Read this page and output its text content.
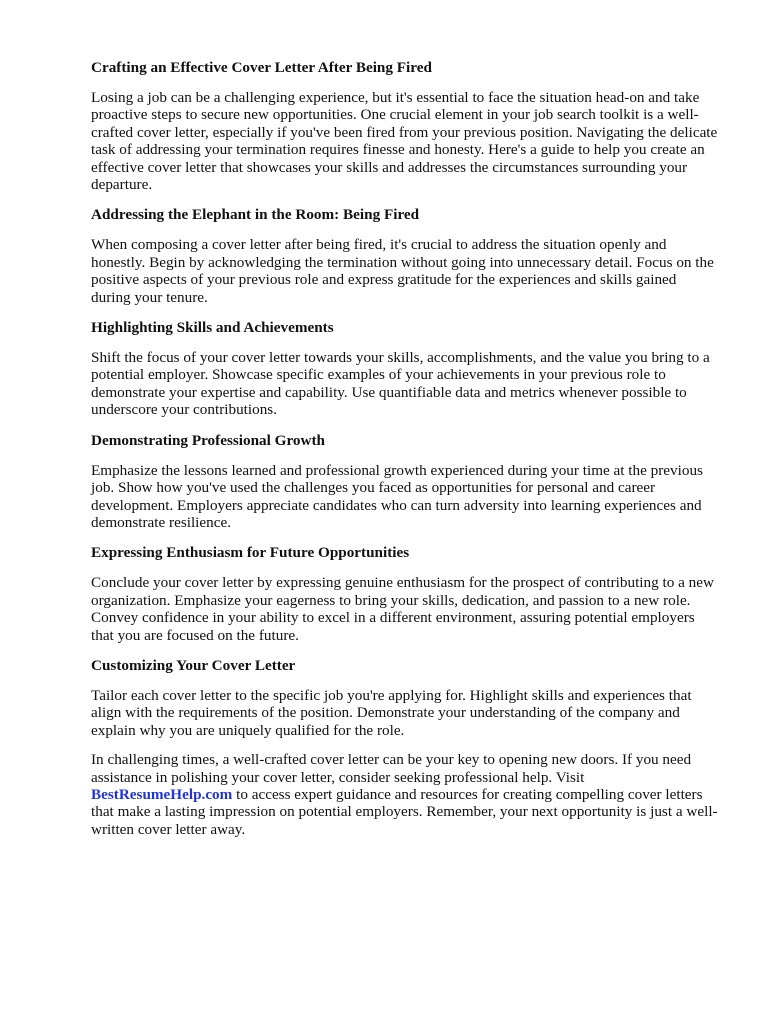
Crafting an Effective Cover Letter After Being Fired

Losing a job can be a challenging experience, but it's essential to face the situation head-on and take proactive steps to secure new opportunities. One crucial element in your job search toolkit is a well-crafted cover letter, especially if you've been fired from your previous position. Navigating the delicate task of addressing your termination requires finesse and honesty. Here's a guide to help you create an effective cover letter that showcases your skills and addresses the circumstances surrounding your departure.

Addressing the Elephant in the Room: Being Fired

When composing a cover letter after being fired, it's crucial to address the situation openly and honestly. Begin by acknowledging the termination without going into unnecessary detail. Focus on the positive aspects of your previous role and express gratitude for the experiences and skills gained during your tenure.

Highlighting Skills and Achievements

Shift the focus of your cover letter towards your skills, accomplishments, and the value you bring to a potential employer. Showcase specific examples of your achievements in your previous role to demonstrate your expertise and capability. Use quantifiable data and metrics whenever possible to underscore your contributions.

Demonstrating Professional Growth

Emphasize the lessons learned and professional growth experienced during your time at the previous job. Show how you've used the challenges you faced as opportunities for personal and career development. Employers appreciate candidates who can turn adversity into learning experiences and demonstrate resilience.

Expressing Enthusiasm for Future Opportunities

Conclude your cover letter by expressing genuine enthusiasm for the prospect of contributing to a new organization. Emphasize your eagerness to bring your skills, dedication, and passion to a new role. Convey confidence in your ability to excel in a different environment, assuring potential employers that you are focused on the future.

Customizing Your Cover Letter

Tailor each cover letter to the specific job you're applying for. Highlight skills and experiences that align with the requirements of the position. Demonstrate your understanding of the company and explain why you are uniquely qualified for the role.

In challenging times, a well-crafted cover letter can be your key to opening new doors. If you need assistance in polishing your cover letter, consider seeking professional help. Visit
BestResumeHelp.com to access expert guidance and resources for creating compelling cover letters that make a lasting impression on potential employers. Remember, your next opportunity is just a well-written cover letter away.
